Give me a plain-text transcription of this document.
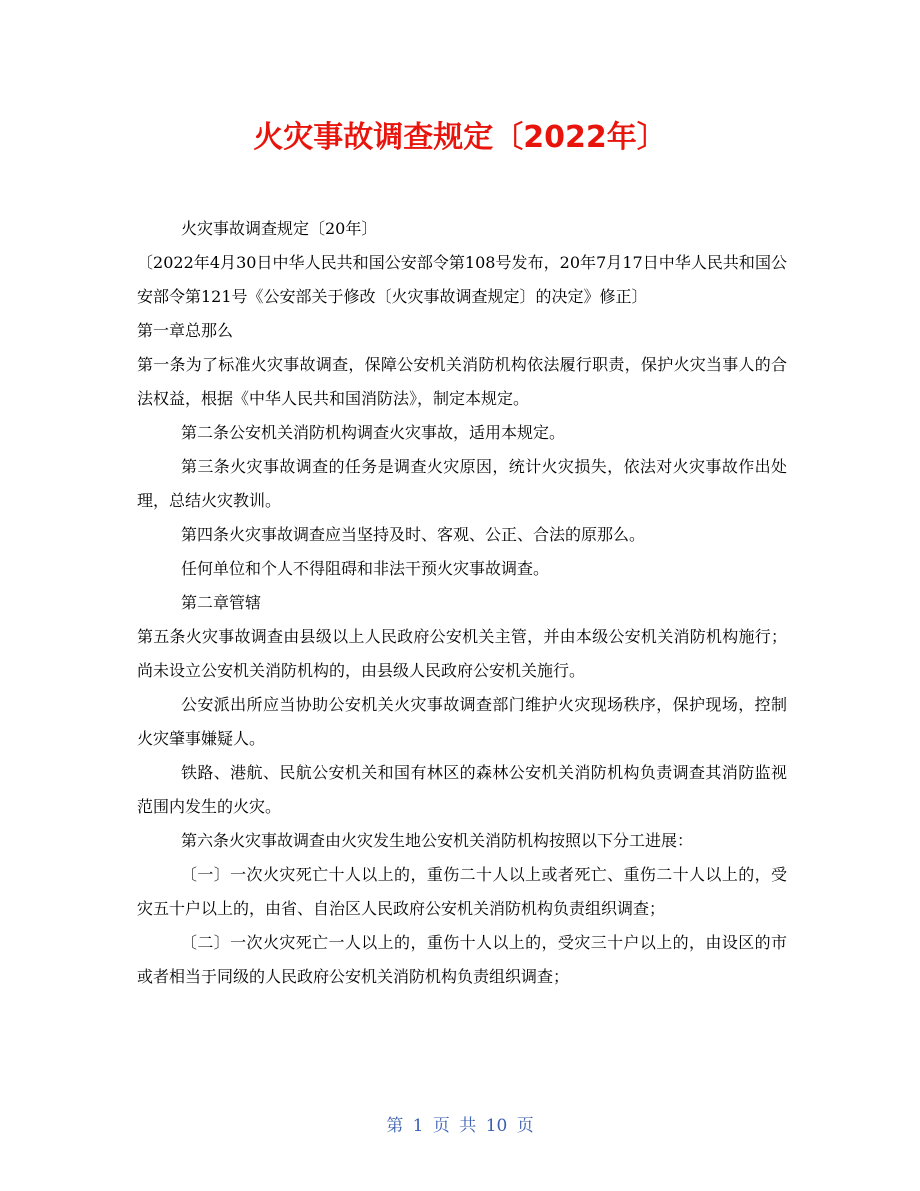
火灾事故调查规定〔2022年〕

火灾事故调查规定〔20年〕

〔2022年4月30日中华人民共和国公安部令第108号发布，20年7月17日中华人民共和国公安部令第121号《公安部关于修改〔火灾事故调查规定〕的决定》修正〕

第一章总那么

第一条为了标准火灾事故调查，保障公安机关消防机构依法履行职责，保护火灾当事人的合法权益，根据《中华人民共和国消防法》，制定本规定。

第二条公安机关消防机构调查火灾事故，适用本规定。

第三条火灾事故调查的任务是调查火灾原因，统计火灾损失，依法对火灾事故作出处理，总结火灾教训。

第四条火灾事故调查应当坚持及时、客观、公正、合法的原那么。

任何单位和个人不得阻碍和非法干预火灾事故调查。

第二章管辖

第五条火灾事故调查由县级以上人民政府公安机关主管，并由本级公安机关消防机构施行；尚未设立公安机关消防机构的，由县级人民政府公安机关施行。

公安派出所应当协助公安机关火灾事故调查部门维护火灾现场秩序，保护现场，控制火灾肇事嫌疑人。

铁路、港航、民航公安机关和国有林区的森林公安机关消防机构负责调查其消防监视范围内发生的火灾。

第六条火灾事故调查由火灾发生地公安机关消防机构按照以下分工进展：

〔一〕一次火灾死亡十人以上的，重伤二十人以上或者死亡、重伤二十人以上的，受灾五十户以上的，由省、自治区人民政府公安机关消防机构负责组织调查；

〔二〕一次火灾死亡一人以上的，重伤十人以上的，受灾三十户以上的，由设区的市或者相当于同级的人民政府公安机关消防机构负责组织调查；

第 1 页 共 10 页
